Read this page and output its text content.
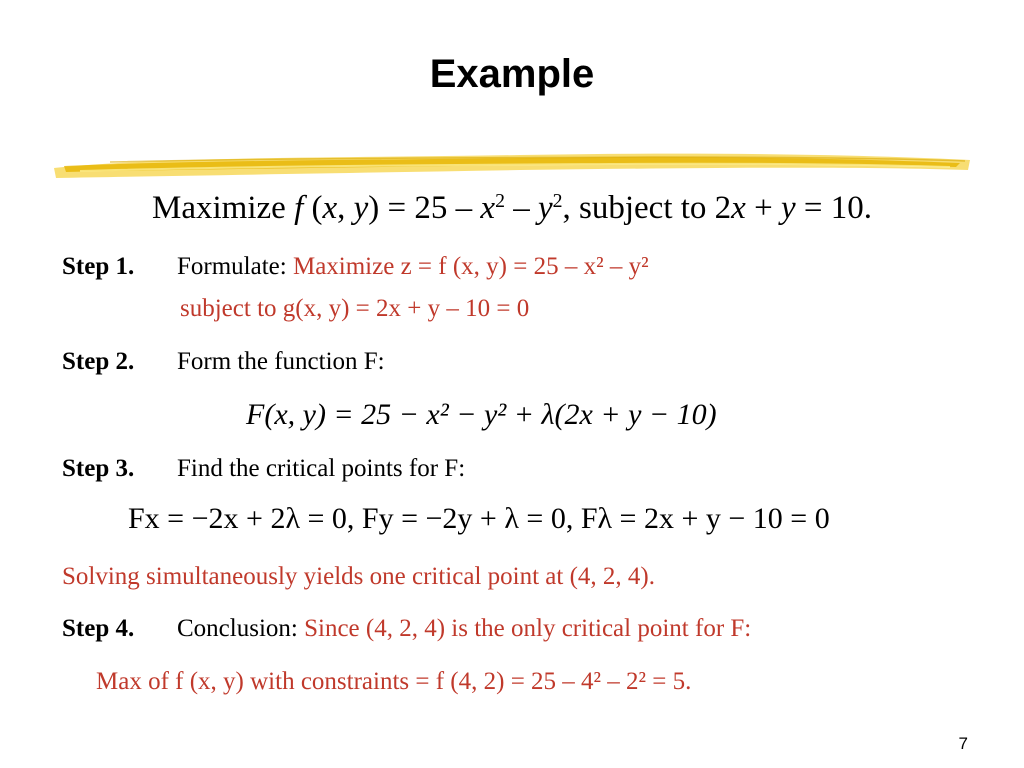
Example
Maximize f (x, $y) = 25 - x^2 - y^2$, subject to 2x + y = 10.
Step 1. Formulate: Maximize z = f (x, y) = 25 – x² – y²
subject to g(x, y) = 2x + y – 10 = 0
Step 2. Form the function F:
F(x, y) = 25 − x² − y² + λ(2x + y − 10)
Step 3. Find the critical points for F:
Fx = −2x + 2λ = 0, Fy = −2y + λ = 0, Fλ = 2x + y − 10 = 0
Solving simultaneously yields one critical point at (4, 2, 4).
Step 4. Conclusion: Since (4, 2, 4) is the only critical point for F:
Max of f (x, y) with constraints = f (4, 2) = 25 – 4² – 2² = 5.
7
